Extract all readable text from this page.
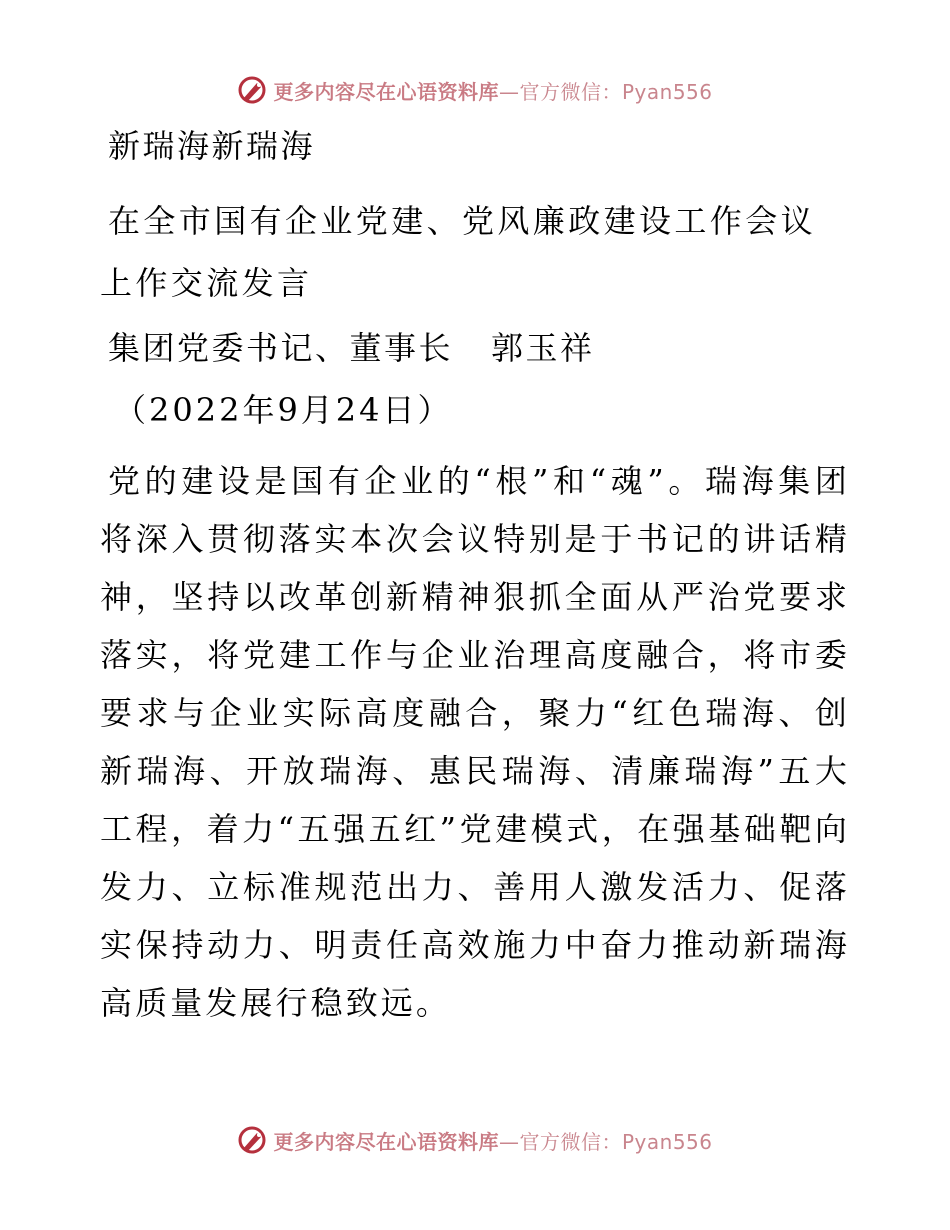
更多内容尽在心语资料库—官方微信：Pyan556

新瑞海新瑞海

在全市国有企业党建、党风廉政建设工作会议上作交流发言

集团党委书记、董事长 郭玉祥

（2022年9月24日）

党的建设是国有企业的“根”和“魂”。瑞海集团将深入贯彻落实本次会议特别是于书记的讲话精神，坚持以改革创新精神狠抓全面从严治党要求落实，将党建工作与企业治理高度融合，将市委要求与企业实际高度融合，聚力“红色瑞海、创新瑞海、开放瑞海、惠民瑞海、清廉瑞海”五大工程，着力“五强五红”党建模式，在强基础靶向发力、立标准规范出力、善用人激发活力、促落实保持动力、明责任高效施力中奋力推动新瑞海高质量发展行稳致远。

更多内容尽在心语资料库—官方微信：Pyan556
